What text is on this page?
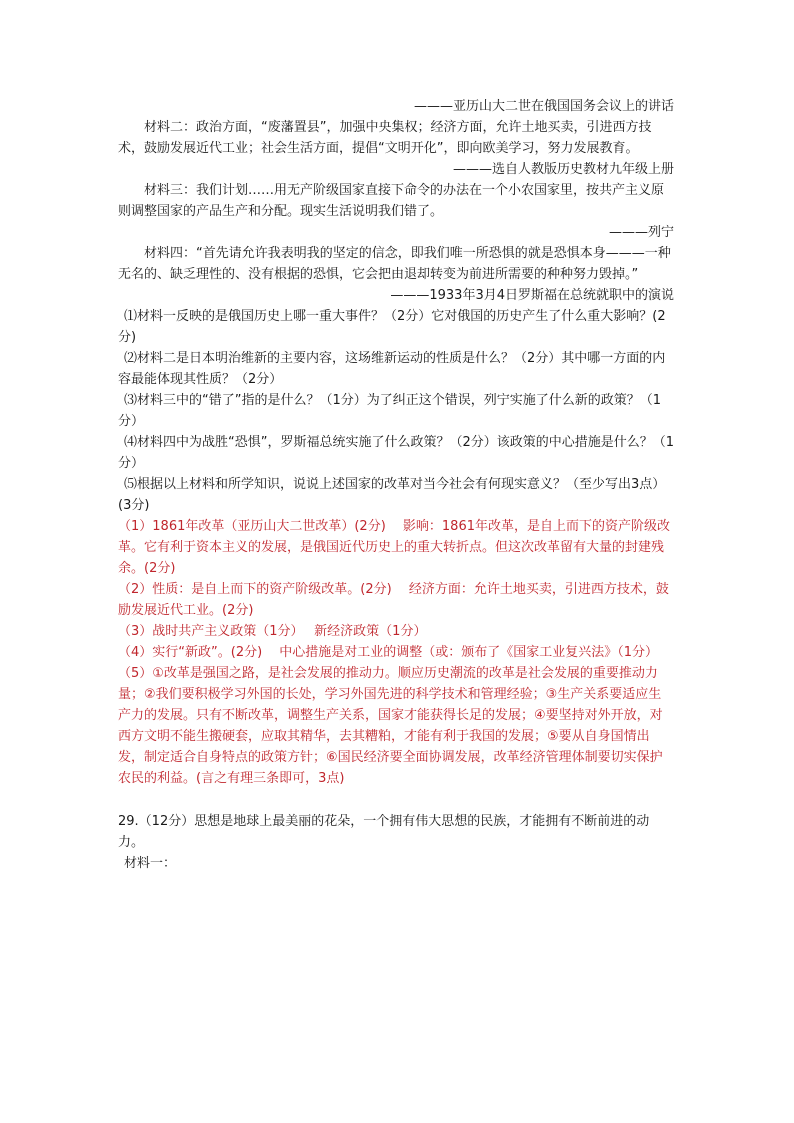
———亚历山大二世在俄国国务会议上的讲话

材料二：政治方面，“废藩置县”，加强中央集权；经济方面，允许土地买卖，引进西方技术，鼓励发展近代工业；社会生活方面，提倡“文明开化”，即向欧美学习，努力发展教育。

———选自人教版历史教材九年级上册

材料三：我们计划……用无产阶级国家直接下命令的办法在一个小农国家里，按共产主义原则调整国家的产品生产和分配。现实生活说明我们错了。

———列宁

材料四：“首先请允许我表明我的坚定的信念，即我们唯一所恐惧的就是恐惧本身———一种无名的、缺乏理性的、没有根据的恐惧，它会把由退却转变为前进所需要的种种努力毁掉。”

———1933年3月4日罗斯福在总统就职中的演说

⑴材料一反映的是俄国历史上哪一重大事件？（2分）它对俄国的历史产生了什么重大影响？(2分)

⑵材料二是日本明治维新的主要内容，这场维新运动的性质是什么？（2分）其中哪一方面的内容最能体现其性质？（2分）

⑶材料三中的“错了”指的是什么？（1分）为了纠正这个错误，列宁实施了什么新的政策？（1分）

⑷材料四中为战胜“恐惧”，罗斯福总统实施了什么政策？（2分）该政策的中心措施是什么？（1分）

⑸根据以上材料和所学知识，说说上述国家的改革对当今社会有何现实意义？（至少写出3点）(3分)

（1）1861年改革（亚历山大二世改革）(2分)　 影响：1861年改革，是自上而下的资产阶级改革。它有利于资本主义的发展，是俄国近代历史上的重大转折点。但这次改革留有大量的封建残余。(2分)

（2）性质：是自上而下的资产阶级改革。(2分)　 经济方面：允许土地买卖，引进西方技术，鼓励发展近代工业。(2分)

（3）战时共产主义政策（1分）　 新经济政策（1分）

（4）实行“新政”。(2分)　 中心措施是对工业的调整（或：颁布了《国家工业复兴法》（1分）

（5）①改革是强国之路，是社会发展的推动力。顺应历史潮流的改革是社会发展的重要推动力量；②我们要积极学习外国的长处，学习外国先进的科学技术和管理经验；③生产关系要适应生产力的发展。只有不断改革，调整生产关系，国家才能获得长足的发展；④要坚持对外开放，对西方文明不能生搬硬套，应取其精华，去其糟粕，才能有利于我国的发展；⑤要从自身国情出发，制定适合自身特点的政策方针；⑥国民经济要全面协调发展，改革经济管理体制要切实保护农民的利益。(言之有理三条即可，3点)

29.（12分）思想是地球上最美丽的花朵，一个拥有伟大思想的民族，才能拥有不断前进的动力。

材料一：
